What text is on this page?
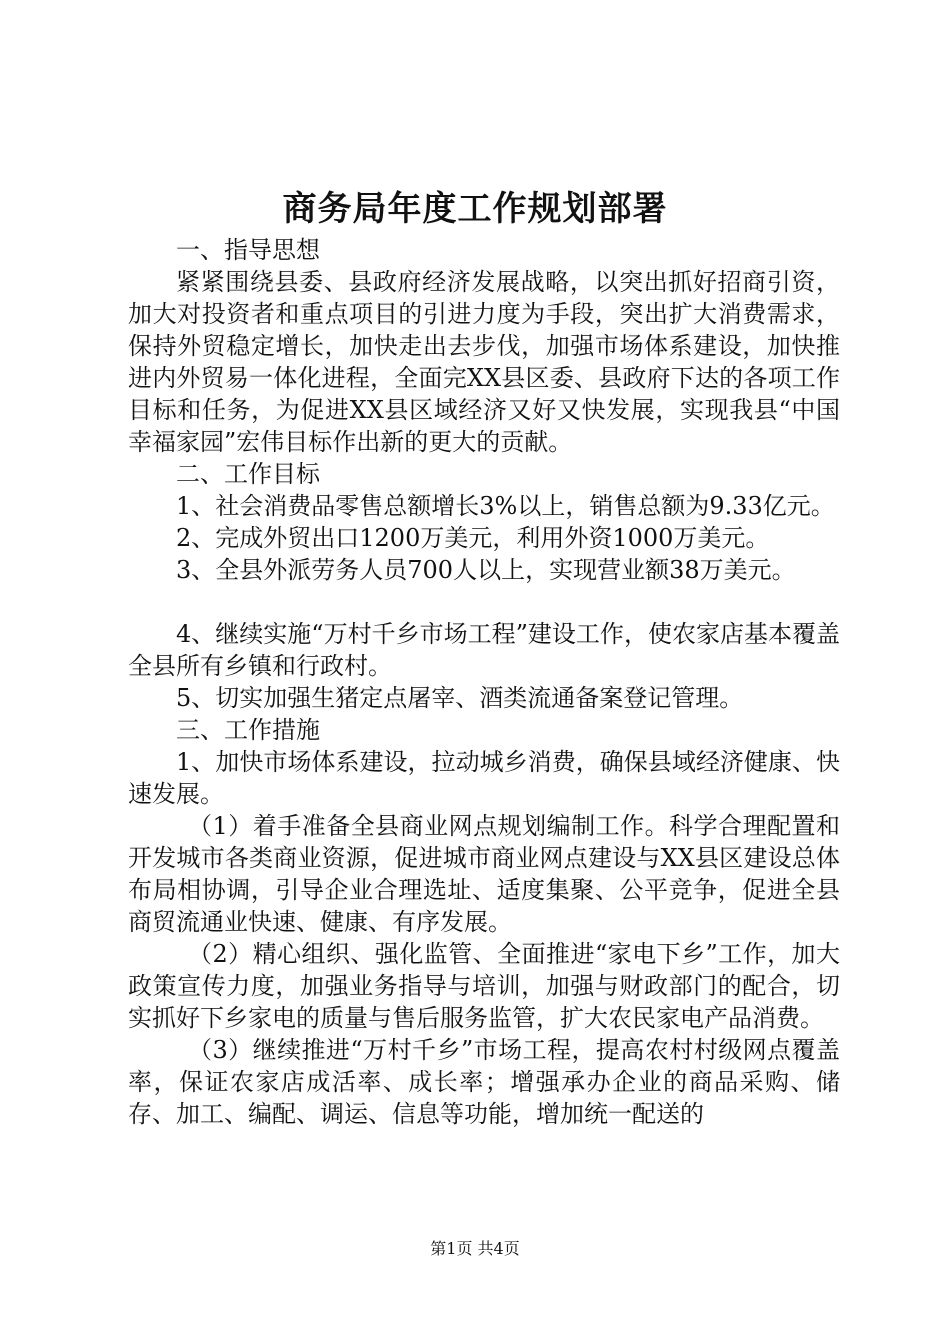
商务局年度工作规划部署

一、指导思想

紧紧围绕县委、县政府经济发展战略，以突出抓好招商引资，加大对投资者和重点项目的引进力度为手段，突出扩大消费需求，保持外贸稳定增长，加快走出去步伐，加强市场体系建设，加快推进内外贸易一体化进程，全面完XX县区委、县政府下达的各项工作目标和任务，为促进XX县区域经济又好又快发展，实现我县“中国幸福家园”宏伟目标作出新的更大的贡献。

二、工作目标

1、社会消费品零售总额增长3%以上，销售总额为9.33亿元。

2、完成外贸出口1200万美元，利用外资1000万美元。

3、全县外派劳务人员700人以上，实现营业额38万美元。

4、继续实施“万村千乡市场工程”建设工作，使农家店基本覆盖全县所有乡镇和行政村。

5、切实加强生猪定点屠宰、酒类流通备案登记管理。

三、工作措施

1、加快市场体系建设，拉动城乡消费，确保县域经济健康、快速发展。

（1）着手准备全县商业网点规划编制工作。科学合理配置和开发城市各类商业资源，促进城市商业网点建设与XX县区建设总体布局相协调，引导企业合理选址、适度集聚、公平竞争，促进全县商贸流通业快速、健康、有序发展。

（2）精心组织、强化监管、全面推进“家电下乡”工作，加大政策宣传力度，加强业务指导与培训，加强与财政部门的配合，切实抓好下乡家电的质量与售后服务监管，扩大农民家电产品消费。

（3）继续推进“万村千乡”市场工程，提高农村村级网点覆盖率，保证农家店成活率、成长率；增强承办企业的商品采购、储存、加工、编配、调运、信息等功能，增加统一配送的

第1页 共4页
